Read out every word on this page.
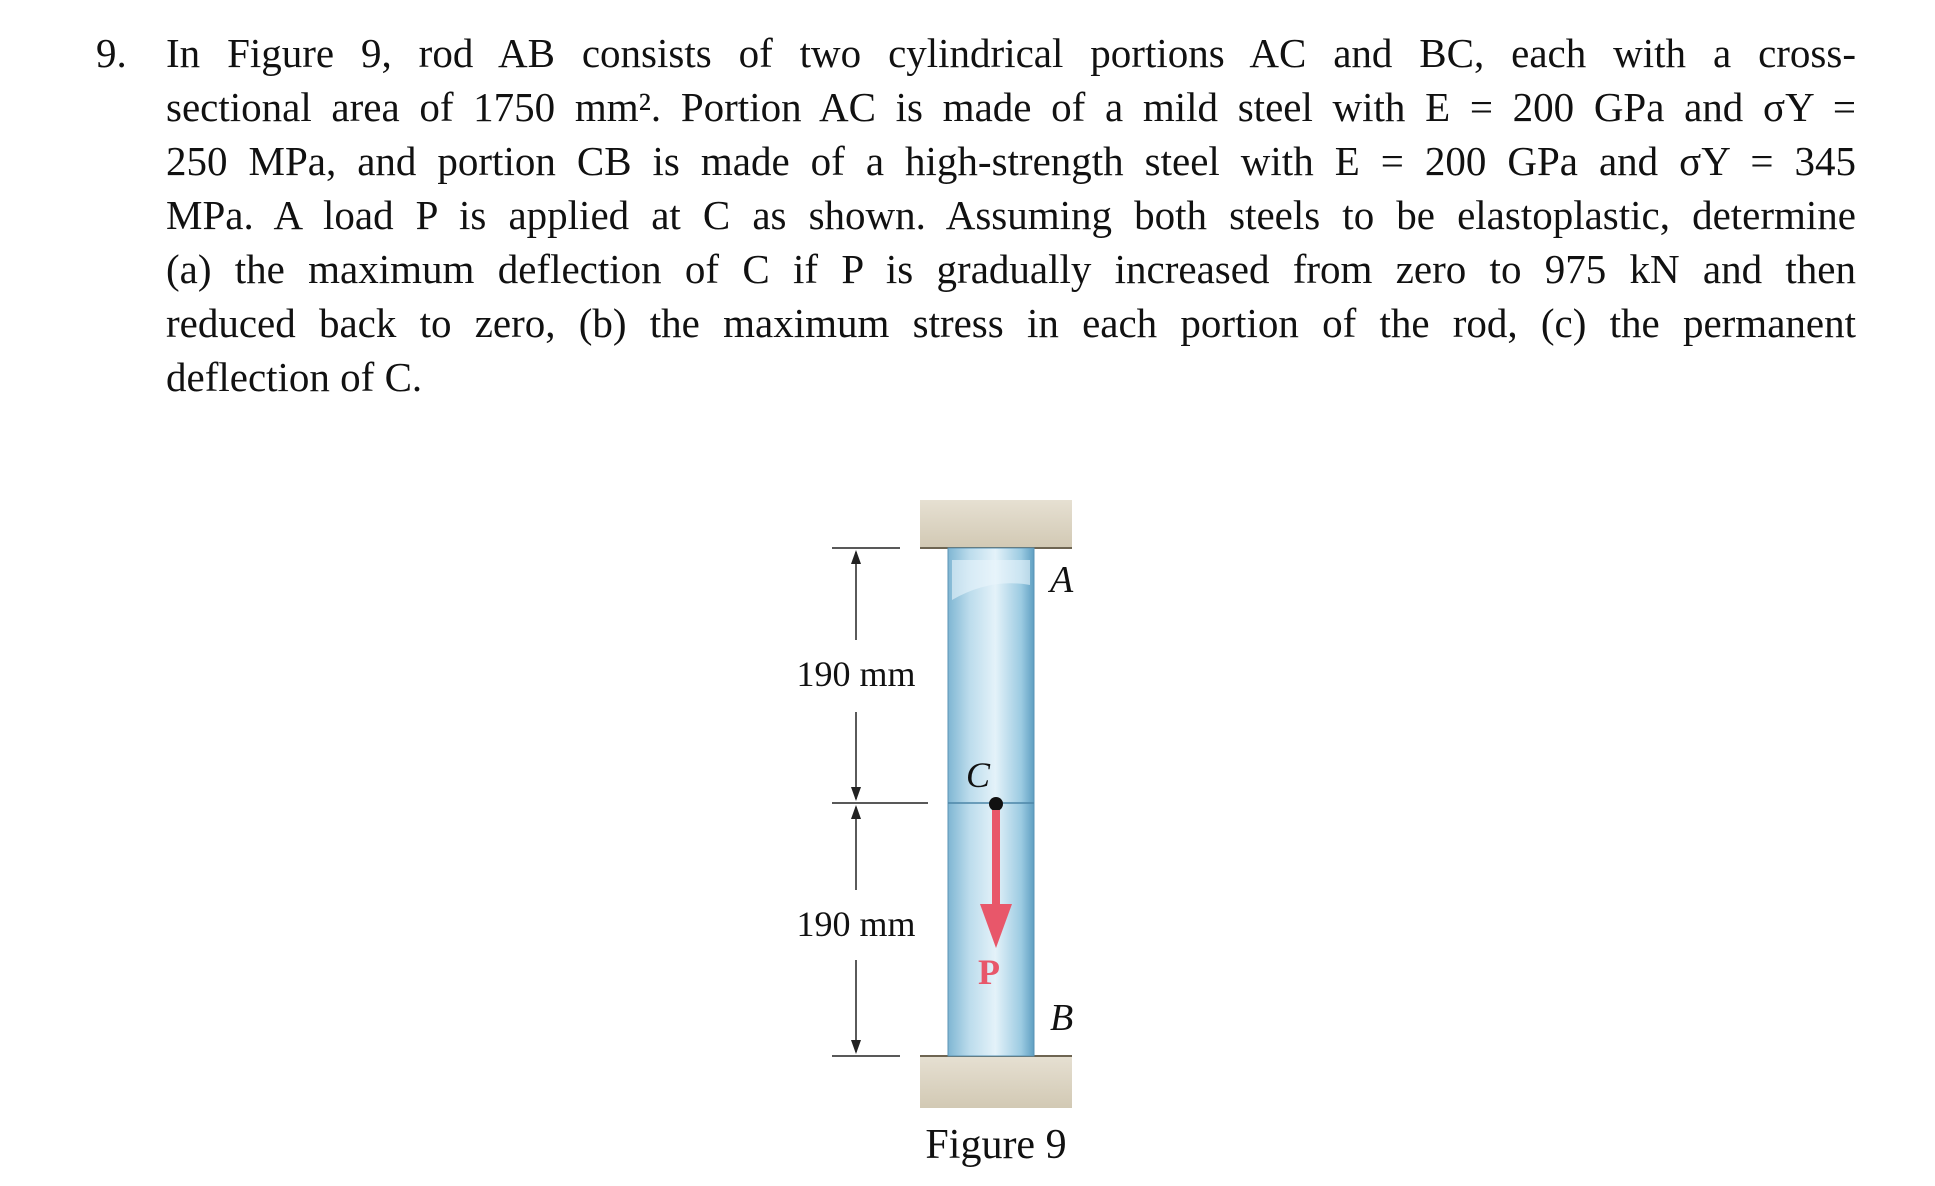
9. In Figure 9, rod AB consists of two cylindrical portions AC and BC, each with a cross-
sectional area of 1750 mm². Portion AC is made of a mild steel with E = 200 GPa and σY =
250 MPa, and portion CB is made of a high-strength steel with E = 200 GPa and σY = 345
MPa. A load P is applied at C as shown. Assuming both steels to be elastoplastic, determine
(a) the maximum deflection of C if P is gradually increased from zero to 975 kN and then
reduced back to zero, (b) the maximum stress in each portion of the rod, (c) the permanent
deflection of C.
190 mm
190 mm
A
B
C
P
Figure 9
